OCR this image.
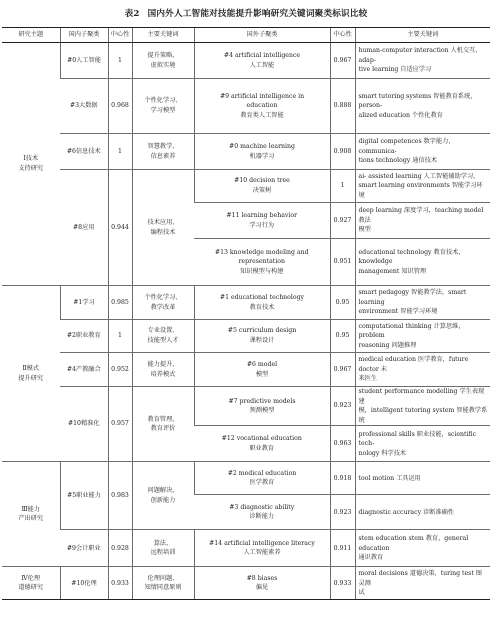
表2 国内外人工智能对技能提升影响研究关键词聚类标识比较
研究主题	国内子聚类	中心性	主要关键词	国外子聚类	中心性	主要关键词

Ⅰ技术
支持研究	#0人工智能	1	提升策略、
虚拟实境	#4 artificial intelligence
人工智能	0.967	human-computer interaction 人机交互，adap-
tive learning 自适应学习

	#3大数据	0.968	个性化学习、
学习模型	#9 artificial intelligence in
education
教育类人工智能	0.888	smart tutoring systems 智能教育系统，person-
alized education 个性化教育

	#6信息技术	1	智慧教学、
信息素养	#0 machine learning
机器学习	0.908	digital competences 数字能力，communica-
tions technology 通信技术

	#8应用	0.944	技术应用、
编程技术	#10 decision tree
决策树	1	ai- assisted learning 人工智能辅助学习，
smart learning environments 智能学习环境

				#11 learning behavior
学习行为	0.927	deep learning 深度学习，teaching model 教法
模型

				#13 knowledge modeling and
representation
知识模型与构建	0.951	educational technology 教育技术，knowledge
management 知识管理

Ⅱ模式
提升研究	#1学习	0.985	个性化学习、
教学改革	#1 educational technology
教育技术	0.95	smart pedagogy 智能教学法，smart learning
environment 智能学习环境

	#2职业教育	1	专业设置、
技能型人才	#5 curriculum design
课程设计	0.95	computational thinking 计算思维，problem
reasoning 问题推理

	#4产教融合	0.952	能力提升、
培养模式	#6 model
模型	0.967	medical education 医学教育，future doctor 未
来医生

	#10精准化	0.957	教育管理、
教育评价	#7 predictive models
预测模型	0.923	student performance modelling 学生表现建
模，intelligent tutoring system 智能教学系统

				#12 vocational education
职业教育	0.963	professional skills 职业技能，scientific tech-
nology 科学技术

Ⅲ能力
产出研究	#5职业能力	0.983	问题解决、
创新能力	#2 medical education
医学教育	0.918	tool motion 工具运用

				#3 diagnostic ability
诊断能力	0.923	diagnostic accuracy 诊断准确性
	#9会计职业	0.928	算法、
远程培训	#14 artificial intelligence literacy
人工智能素养	0.911	stem education stem 教育，general education
通识教育

Ⅳ伦理
道德研究	#10伦理	0.933	伦理问题、
知情同意原则	#8 biases
偏见	0.933	moral decisions 道德决策，turing test 图灵测
试
